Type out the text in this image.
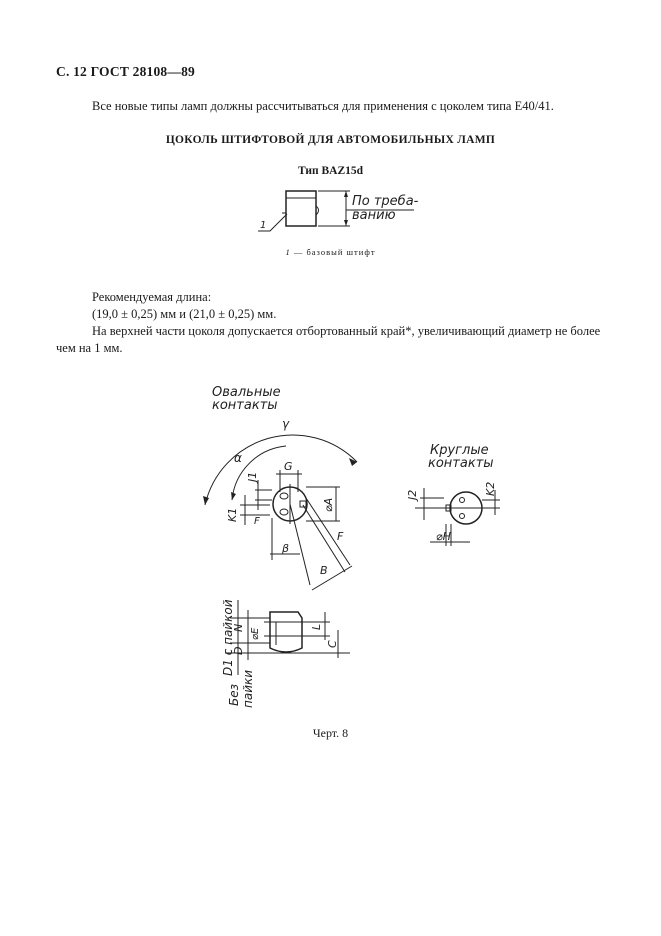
С. 12 ГОСТ 28108—89
Все новые типы ламп должны рассчитываться для применения с цоколем типа E40/41.
ЦОКОЛЬ ШТИФТОВОЙ ДЛЯ АВТОМОБИЛЬНЫХ ЛАМП
Тип BAZ15d
1 — базовый штифт
Рекомендуемая длина:
(19,0 ± 0,25) мм и (21,0 ± 0,25) мм.
На верхней части цоколя допускается отбортованный край*, увеличивающий диаметр не более
чем на 1 мм.
Черт. 8
По треба-
ванию
1
Овальные
контакты
γ
α
G
J1
K1 F
⌀A
β
B
F
Круглые
контакты
J2	K2
⌀H
D1 с пайкой
D
N ⌀E
L
C
Без пайки
